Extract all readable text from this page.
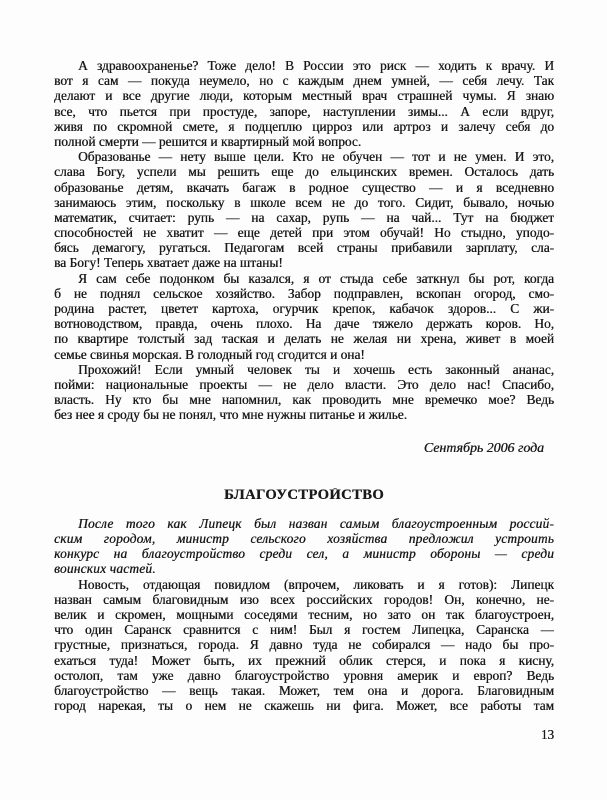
А здравоохраненье? Тоже дело! В России это риск — ходить к врачу. И
вот я сам — покуда неумело, но с каждым днем умней, — себя лечу. Так
делают и все другие люди, которым местный врач страшней чумы. Я знаю
все, что пьется при простуде, запоре, наступлении зимы... А если вдруг,
живя по скромной смете, я подцеплю цирроз или артроз и залечу себя до
полной смерти — решится и квартирный мой вопрос.
Образованье — нету выше цели. Кто не обучен — тот и не умен. И это,
слава Богу, успели мы решить еще до ельцинских времен. Осталось дать
образованье детям, вкачать багаж в родное существо — и я вседневно
занимаюсь этим, поскольку в школе всем не до того. Сидит, бывало, ночью
математик, считает: рупь — на сахар, рупь — на чай... Тут на бюджет
способностей не хватит — еще детей при этом обучай! Но стыдно, уподо-
бясь демагогу, ругаться. Педагогам всей страны прибавили зарплату, сла-
ва Богу! Теперь хватает даже на штаны!
Я сам себе подонком бы казался, я от стыда себе заткнул бы рот, когда
б не поднял сельское хозяйство. Забор подправлен, вскопан огород, смо-
родина растет, цветет картоха, огурчик крепок, кабачок здоров... С жи-
вотноводством, правда, очень плохо. На даче тяжело держать коров. Но,
по квартире толстый зад таская и делать не желая ни хрена, живет в моей
семье свинья морская. В голодный год сгодится и она!
Прохожий! Если умный человек ты и хочешь есть законный ананас,
пойми: национальные проекты — не дело власти. Это дело нас! Спасибо,
власть. Ну кто бы мне напомнил, как проводить мне времечко мое? Ведь
без нее я сроду бы не понял, что мне нужны питанье и жилье.
Сентябрь 2006 года
БЛАГОУСТРОЙСТВО
После того как Липецк был назван самым благоустроенным россий-
ским городом, министр сельского хозяйства предложил устроить
конкурс на благоустройство среди сел, а министр обороны — среди
воинских частей.
Новость, отдающая повидлом (впрочем, ликовать и я готов): Липецк
назван самым благовидным изо всех российских городов! Он, конечно, не-
велик и скромен, мощными соседями тесним, но зато он так благоустроен,
что один Саранск сравнится с ним! Был я гостем Липецка, Саранска —
грустные, признаться, города. Я давно туда не собирался — надо бы про-
ехаться туда! Может быть, их прежний облик стерся, и пока я кисну,
остолоп, там уже давно благоустройство уровня америк и европ? Ведь
благоустройство — вещь такая. Может, тем она и дорога. Благовидным
город нарекая, ты о нем не скажешь ни фига. Может, все работы там
13
